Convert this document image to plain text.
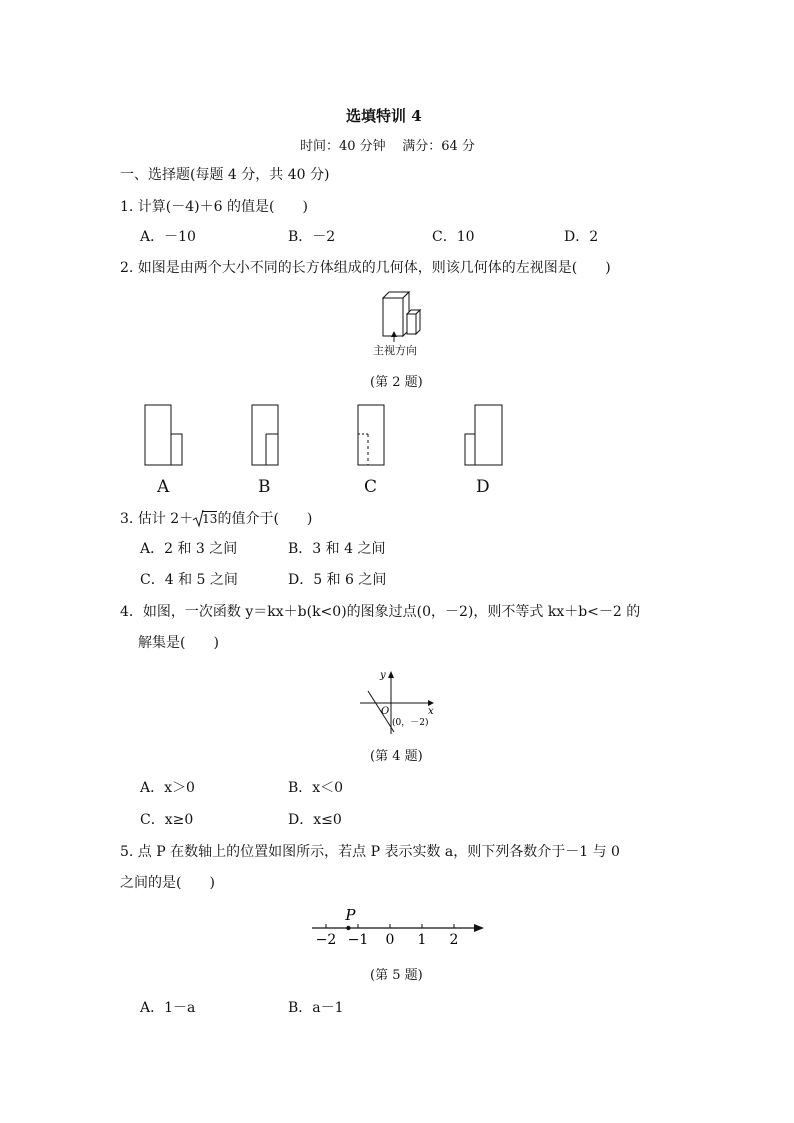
选填特训 4
时间：40 分钟    满分：64 分
一、选择题(每题 4 分，共 40 分)
1. 计算(－4)＋6 的值是(　　)
A．－10	B．－2	C．10	D．2
2. 如图是由两个大小不同的长方体组成的几何体，则该几何体的左视图是(　　)
主视方向
(第 2 题)
A	B	C	D
3. 估计 2＋ 13的值介于(　　)
A．2 和 3 之间	B．3 和 4 之间
C．4 和 5 之间	D．5 和 6 之间
4．如图，一次函数 y＝kx＋b(k<0)的图象过点(0，－2)，则不等式 kx＋b<－2 的
解集是(　　)
y
x
O
(0，－2)
(第 4 题)
A．x＞0	B．x＜0
C．x≥0	D．x≤0
5. 点 P 在数轴上的位置如图所示，若点 P 表示实数 a，则下列各数介于－1 与 0
之间的是(　　)
−2 −1 0 1 2
P
(第 5 题)
A．1－a	B．a－1
